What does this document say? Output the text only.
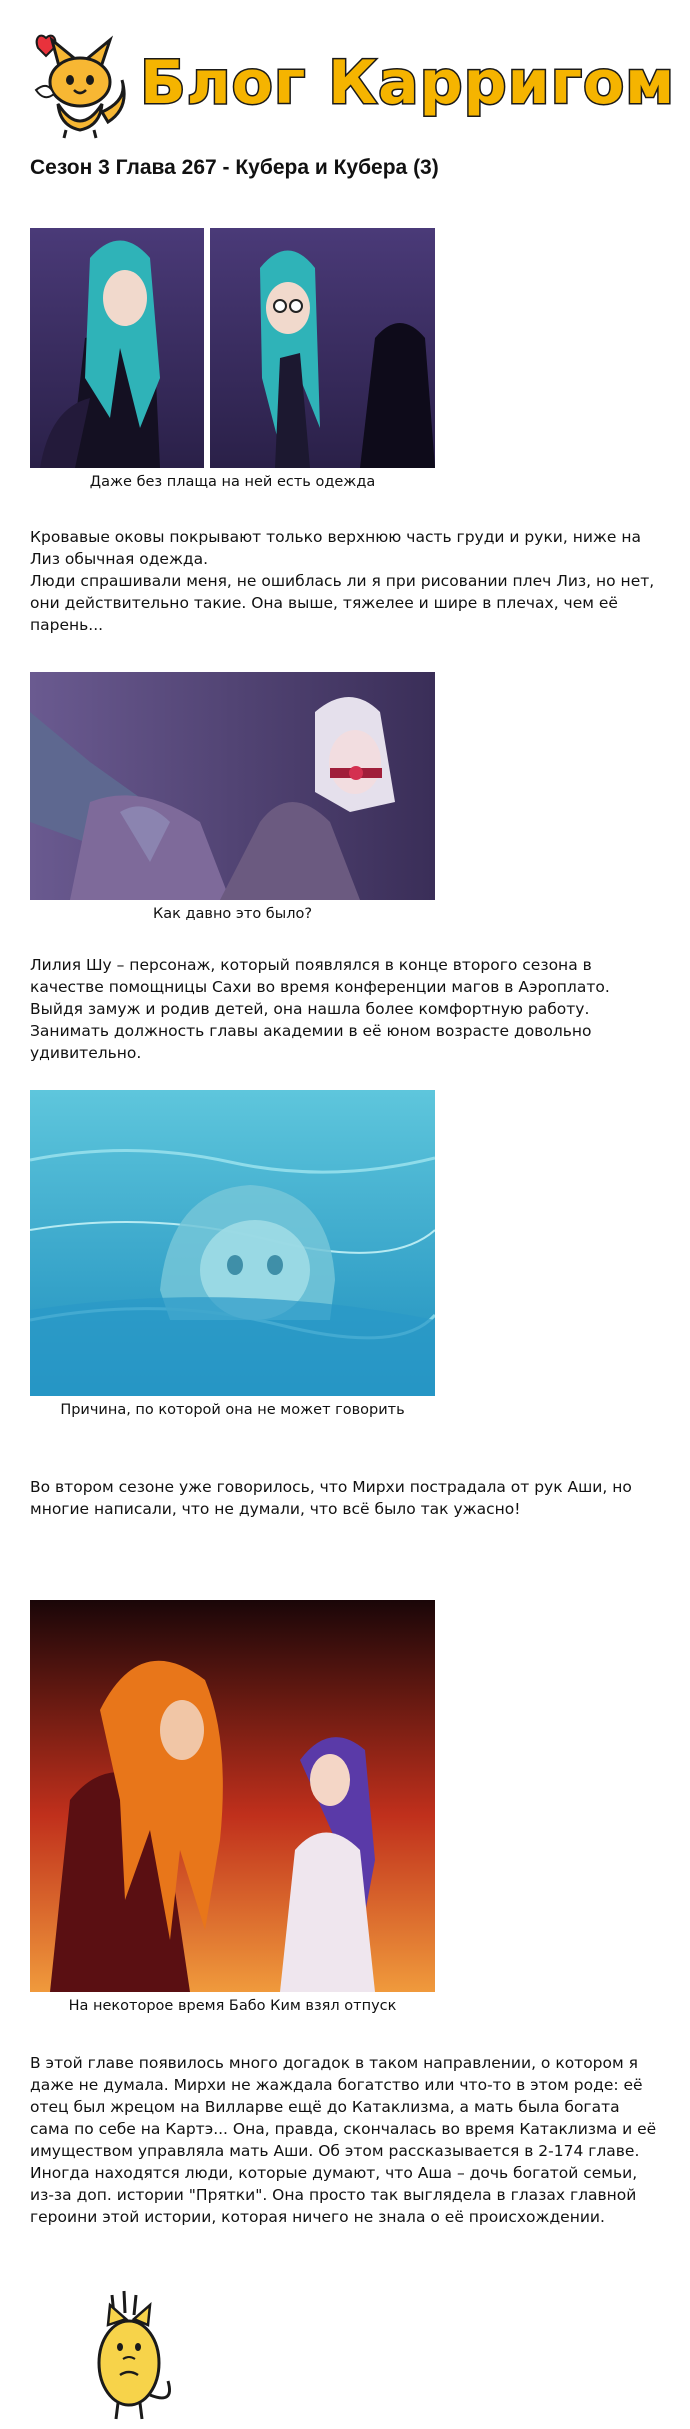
Блог Карригом
Сезон 3 Глава 267 - Кубера и Кубера (3)
Даже без плаща на ней есть одежда

Кровавые оковы покрывают только верхнюю часть груди и руки, ниже на Лиз обычная одежда.

Люди спрашивали меня, не ошиблась ли я при рисовании плеч Лиз, но нет, они действительно такие. Она выше, тяжелее и шире в плечах, чем её парень...

Как давно это было?

Лилия Шу – персонаж, который появлялся в конце второго сезона в качестве помощницы Сахи во время конференции магов в Аэроплато. Выйдя замуж и родив детей, она нашла более комфортную работу. Занимать должность главы академии в её юном возрасте довольно удивительно.

Причина, по которой она не может говорить

Во втором сезоне уже говорилось, что Мирхи пострадала от рук Аши, но многие написали, что не думали, что всё было так ужасно!

На некоторое время Бабо Ким взял отпуск

В этой главе появилось много догадок в таком направлении, о котором я даже не думала. Мирхи не жаждала богатство или что-то в этом роде: её отец был жрецом на Вилларве ещё до Катаклизма, а мать была богата сама по себе на Картэ... Она, правда, скончалась во время Катаклизма и её имуществом управляла мать Аши. Об этом рассказывается в 2-174 главе. Иногда находятся люди, которые думают, что Аша – дочь богатой семьи, из-за доп. истории "Прятки". Она просто так выглядела в глазах главной героини этой истории, которая ничего не знала о её происхождении.
